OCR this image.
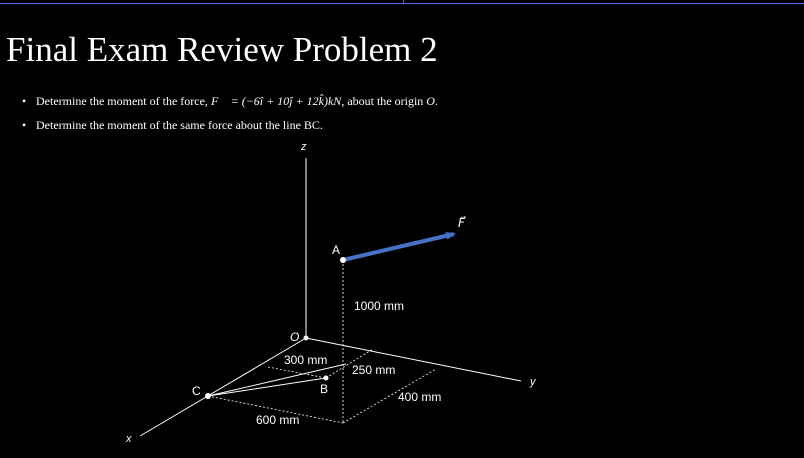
Final Exam Review Problem 2
• Determine the moment of the force, F⃗ = (−6î + 10ĵ + 12k̂)kN, about the origin O.
• Determine the moment of the same force about the line BC.
z
y
x
O
A
B
C
F⃗
1000 mm
300 mm
250 mm
400 mm
600 mm
